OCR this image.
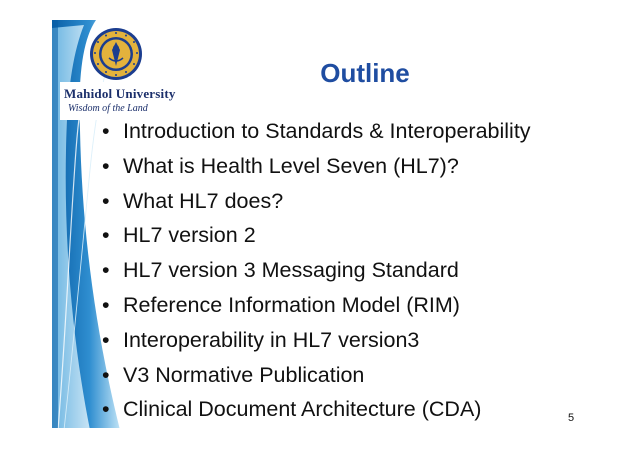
Mahidol University
Wisdom of the Land
Outline
• Introduction to Standards & Interoperability
• What is Health Level Seven (HL7)?
• What HL7 does?
• HL7 version 2
• HL7 version 3 Messaging Standard
• Reference Information Model (RIM)
• Interoperability in HL7 version3
• V3 Normative Publication
• Clinical Document Architecture (CDA)	5
